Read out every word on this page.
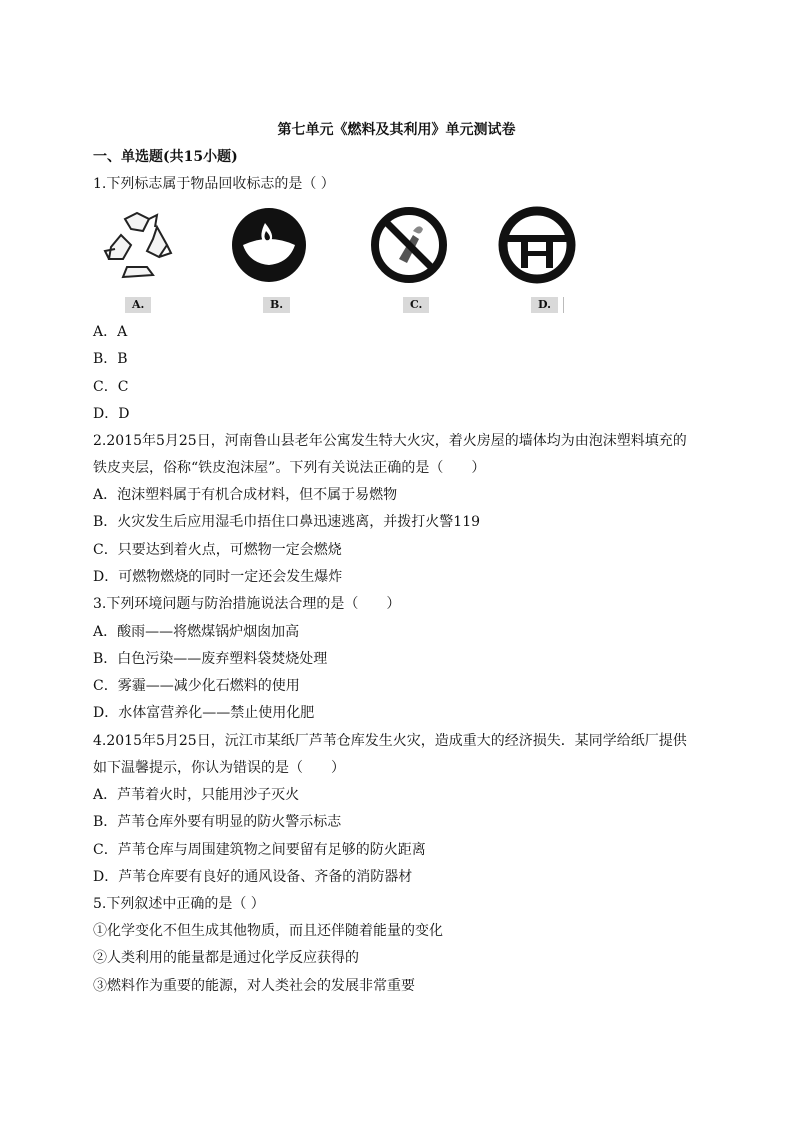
第七单元《燃料及其利用》单元测试卷
一、单选题(共15小题)
1.下列标志属于物品回收标志的是（ ）
A.	B.	C.	D.
A．A
B．B
C．C
D．D
2.2015年5月25日，河南鲁山县老年公寓发生特大火灾，着火房屋的墙体均为由泡沫塑料填充的
铁皮夹层，俗称“铁皮泡沫屋”。下列有关说法正确的是（　　）
A．泡沫塑料属于有机合成材料，但不属于易燃物
B．火灾发生后应用湿毛巾捂住口鼻迅速逃离，并拨打火警119
C．只要达到着火点，可燃物一定会燃烧
D．可燃物燃烧的同时一定还会发生爆炸
3.下列环境问题与防治措施说法合理的是（　　）
A．酸雨——将燃煤锅炉烟囱加高
B．白色污染——废弃塑料袋焚烧处理
C．雾霾——减少化石燃料的使用
D．水体富营养化——禁止使用化肥
4.2015年5月25日，沅江市某纸厂芦苇仓库发生火灾，造成重大的经济损失．某同学给纸厂提供
如下温馨提示，你认为错误的是（　　）
A．芦苇着火时，只能用沙子灭火
B．芦苇仓库外要有明显的防火警示标志
C．芦苇仓库与周围建筑物之间要留有足够的防火距离
D．芦苇仓库要有良好的通风设备、齐备的消防器材
5.下列叙述中正确的是（ ）
①化学变化不但生成其他物质，而且还伴随着能量的变化
②人类利用的能量都是通过化学反应获得的
③燃料作为重要的能源，对人类社会的发展非常重要
